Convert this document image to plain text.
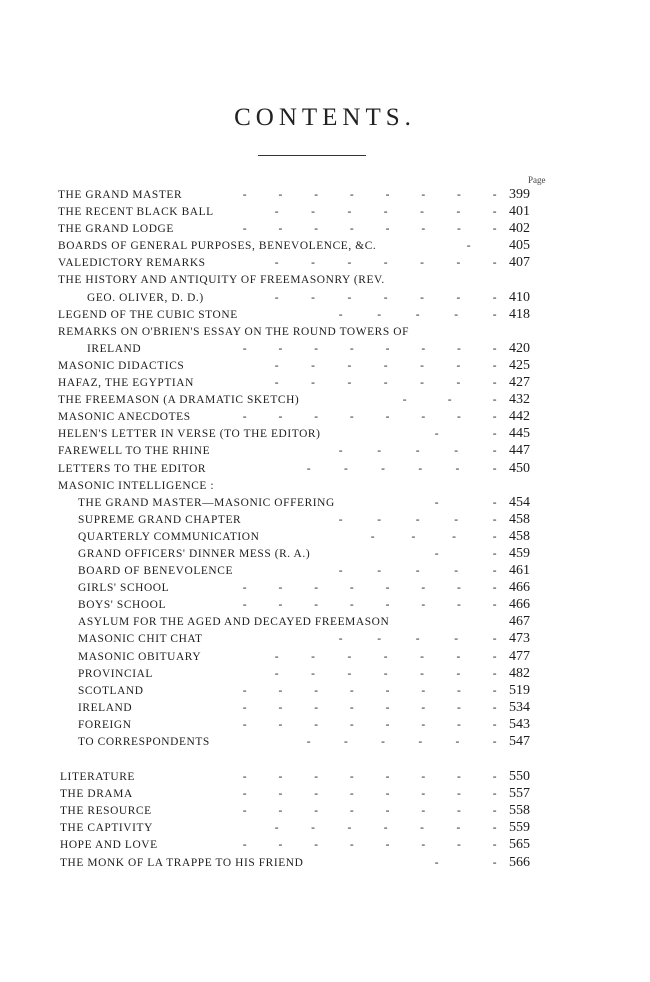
CONTENTS.
Page
THE GRAND MASTER	-	-	-	-	-	-	-	- 399
THE RECENT BLACK BALL	-	-	-	-	-	-	- 401
THE GRAND LODGE	-	-	-	-	-	-	-	- 402
BOARDS OF GENERAL PURPOSES, BENEVOLENCE, &C.	-	405
VALEDICTORY REMARKS	-	-	-	-	-	-	- 407
THE HISTORY AND ANTIQUITY OF FREEMASONRY (REV.
GEO. OLIVER, D. D.)	-	-	-	-	-	-	- 410
LEGEND OF THE CUBIC STONE	-	-	-	-	- 418
REMARKS ON O'BRIEN'S ESSAY ON THE ROUND TOWERS OF
IRELAND	-	-	-	-	-	-	-	- 420
MASONIC DIDACTICS	-	-	-	-	-	-	- 425
HAFAZ, THE EGYPTIAN	-	-	-	-	-	-	- 427
THE FREEMASON (A DRAMATIC SKETCH)	-	-	- 432
MASONIC ANECDOTES	-	-	-	-	-	-	-	- 442
HELEN'S LETTER IN VERSE (TO THE EDITOR)	-	- 445
FAREWELL TO THE RHINE	-	-	-	-	- 447
LETTERS TO THE EDITOR	-	-	-	-	-	- 450
MASONIC INTELLIGENCE :
THE GRAND MASTER—MASONIC OFFERING	-	- 454
SUPREME GRAND CHAPTER	-	-	-	-	- 458
QUARTERLY COMMUNICATION	-	-	-	- 458
GRAND OFFICERS' DINNER MESS (R. A.)	-	- 459
BOARD OF BENEVOLENCE	-	-	-	-	- 461
GIRLS' SCHOOL	-	-	-	-	-	-	-	- 466
BOYS' SCHOOL	-	-	-	-	-	-	-	- 466
ASYLUM FOR THE AGED AND DECAYED FREEMASON	467
MASONIC CHIT CHAT	-	-	-	-	- 473
MASONIC OBITUARY	-	-	-	-	-	-	- 477
PROVINCIAL	-	-	-	-	-	-	- 482
SCOTLAND	-	-	-	-	-	-	-	- 519
IRELAND	-	-	-	-	-	-	-	- 534
FOREIGN	-	-	-	-	-	-	-	- 543
TO CORRESPONDENTS	-	-	-	-	-	- 547
LITERATURE	-	-	-	-	-	-	-	- 550
THE DRAMA	-	-	-	-	-	-	-	- 557
THE RESOURCE	-	-	-	-	-	-	-	- 558
THE CAPTIVITY	-	-	-	-	-	-	- 559
HOPE AND LOVE	-	-	-	-	-	-	-	- 565
THE MONK OF LA TRAPPE TO HIS FRIEND	-	- 566
